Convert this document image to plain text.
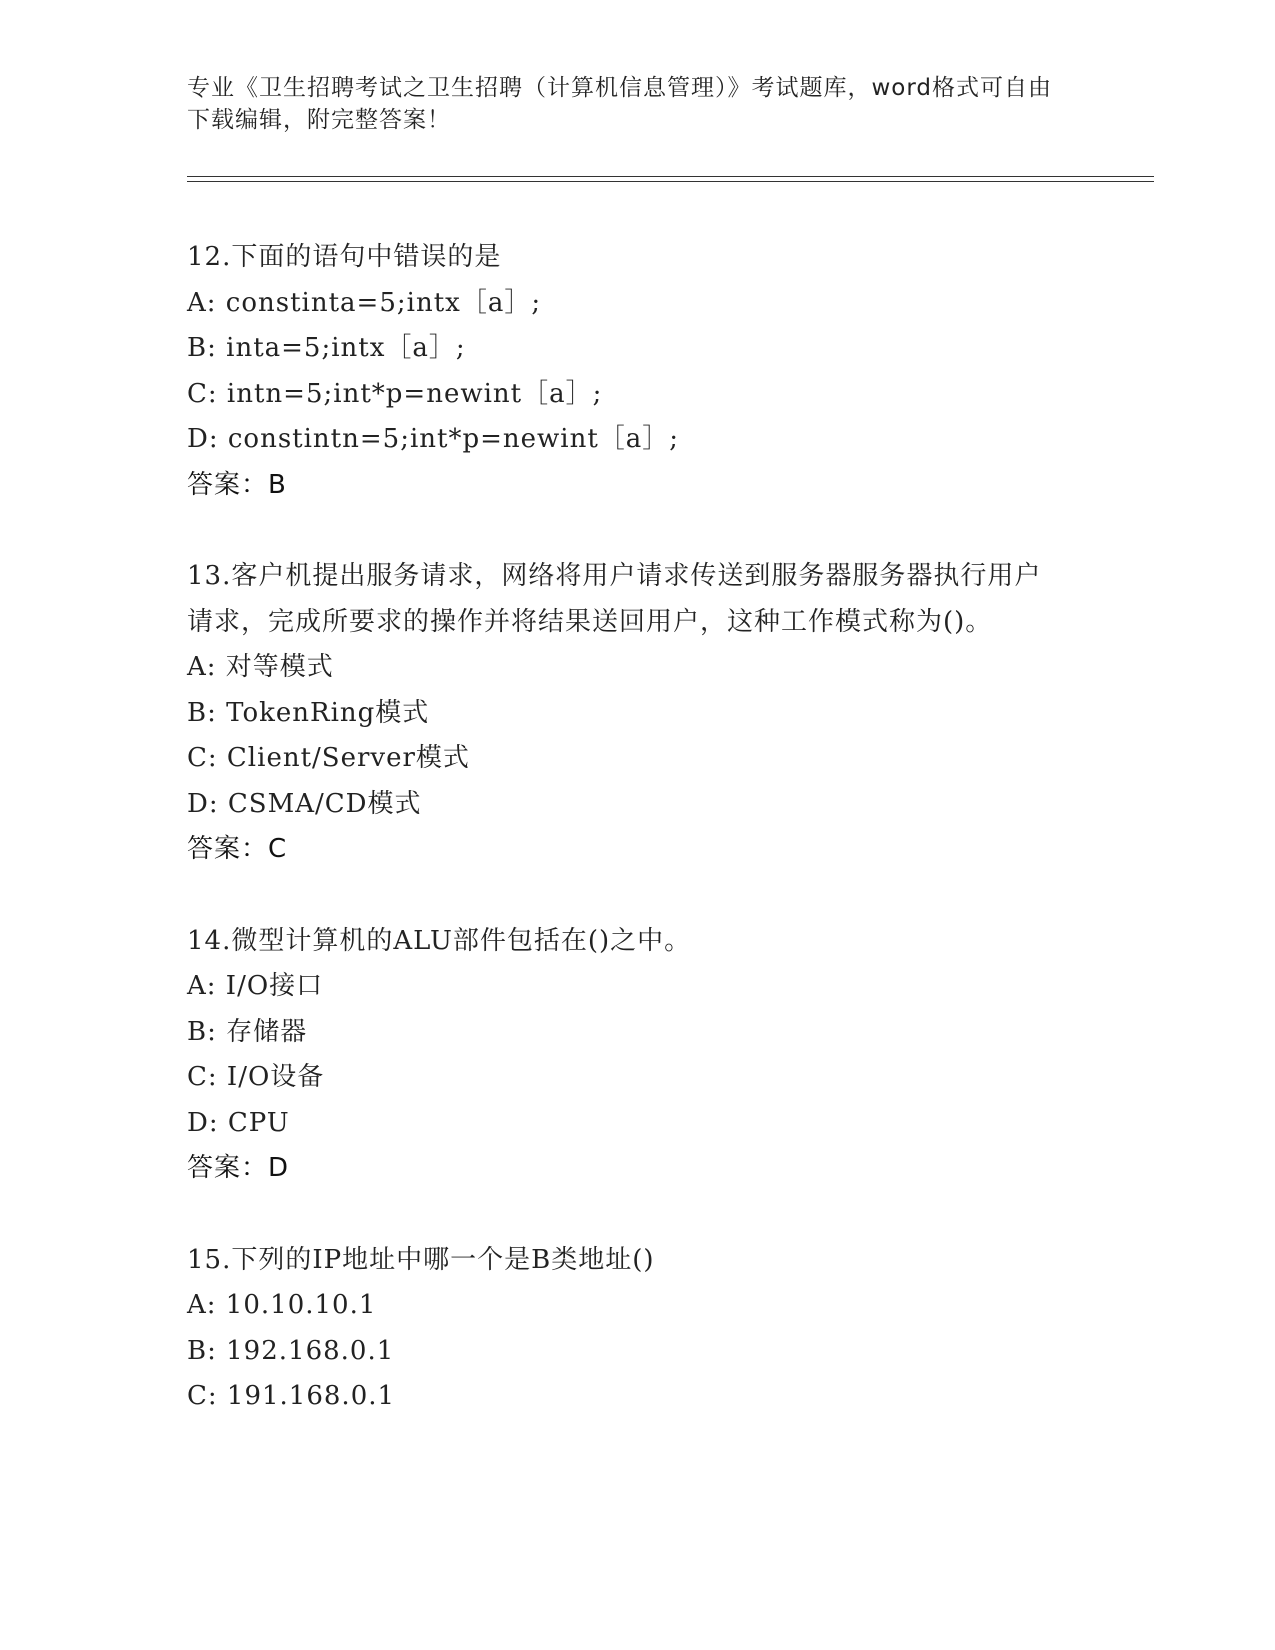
专业《卫生招聘考试之卫生招聘（计算机信息管理）》考试题库，word格式可自由下载编辑，附完整答案！
12.下面的语句中错误的是
A: constinta=5;intx［a］;
B: inta=5;intx［a］;
C: intn=5;int*p=newint［a］;
D: constintn=5;int*p=newint［a］;
答案：B
13.客户机提出服务请求，网络将用户请求传送到服务器服务器执行用户请求，完成所要求的操作并将结果送回用户，这种工作模式称为()。
A: 对等模式
B: TokenRing模式
C: Client/Server模式
D: CSMA/CD模式
答案：C
14.微型计算机的ALU部件包括在()之中。
A: I/O接口
B: 存储器
C: I/O设备
D: CPU
答案：D
15.下列的IP地址中哪一个是B类地址()
A: 10.10.10.1
B: 192.168.0.1
C: 191.168.0.1
